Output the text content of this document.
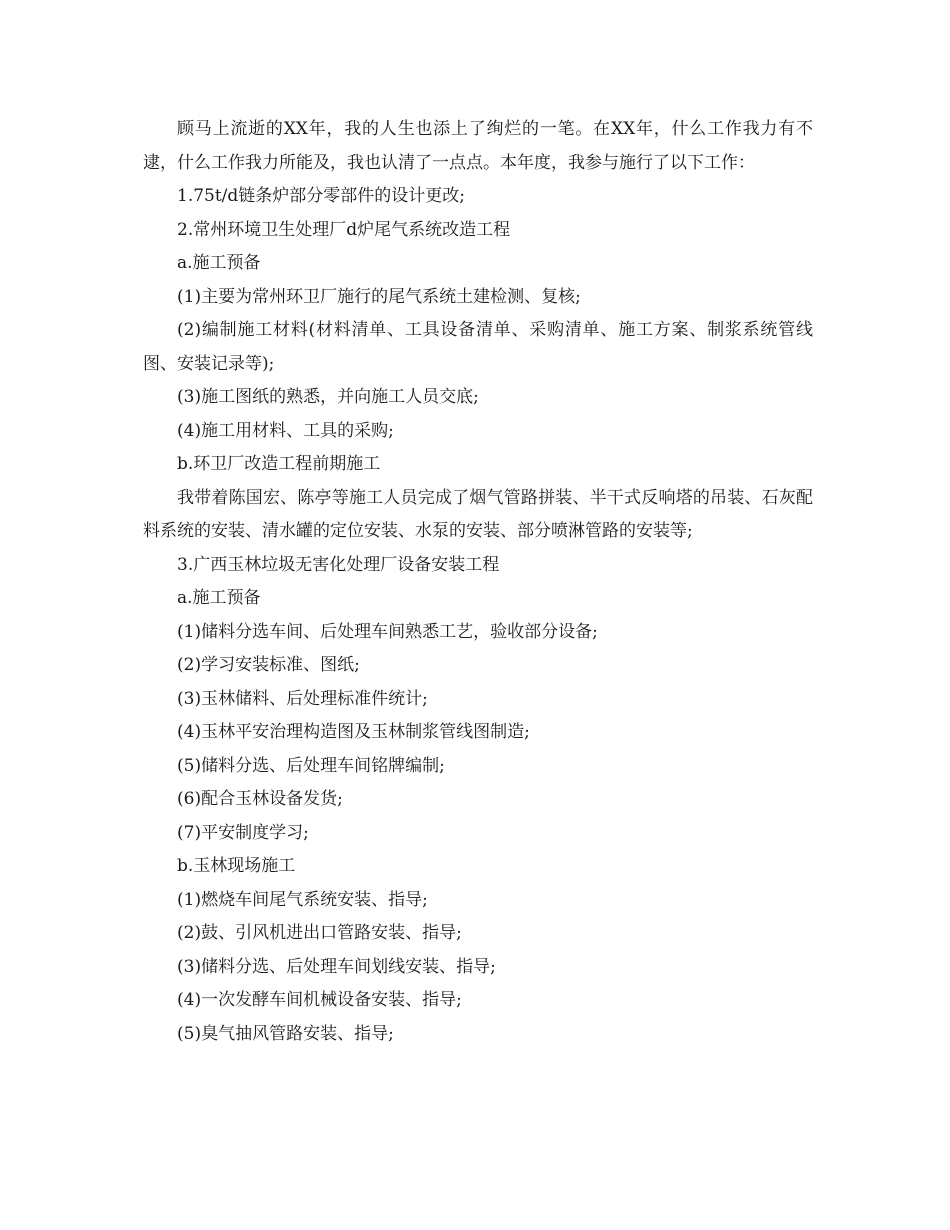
顾马上流逝的XX年，我的人生也添上了绚烂的一笔。在XX年，什么工作我力有不逮，什么工作我力所能及，我也认清了一点点。本年度，我参与施行了以下工作：

1.75t/d链条炉部分零部件的设计更改;

2.常州环境卫生处理厂d炉尾气系统改造工程

a.施工预备

(1)主要为常州环卫厂施行的尾气系统土建检测、复核;

(2)编制施工材料(材料清单、工具设备清单、采购清单、施工方案、制浆系统管线图、安装记录等);

(3)施工图纸的熟悉，并向施工人员交底;

(4)施工用材料、工具的采购;

b.环卫厂改造工程前期施工

我带着陈国宏、陈亭等施工人员完成了烟气管路拼装、半干式反响塔的吊装、石灰配料系统的安装、清水罐的定位安装、水泵的安装、部分喷淋管路的安装等;

3.广西玉林垃圾无害化处理厂设备安装工程

a.施工预备

(1)储料分选车间、后处理车间熟悉工艺，验收部分设备;

(2)学习安装标准、图纸;

(3)玉林储料、后处理标准件统计;

(4)玉林平安治理构造图及玉林制浆管线图制造;

(5)储料分选、后处理车间铭牌编制;

(6)配合玉林设备发货;

(7)平安制度学习;

b.玉林现场施工

(1)燃烧车间尾气系统安装、指导;

(2)鼓、引风机进出口管路安装、指导;

(3)储料分选、后处理车间划线安装、指导;

(4)一次发酵车间机械设备安装、指导;

(5)臭气抽风管路安装、指导;
